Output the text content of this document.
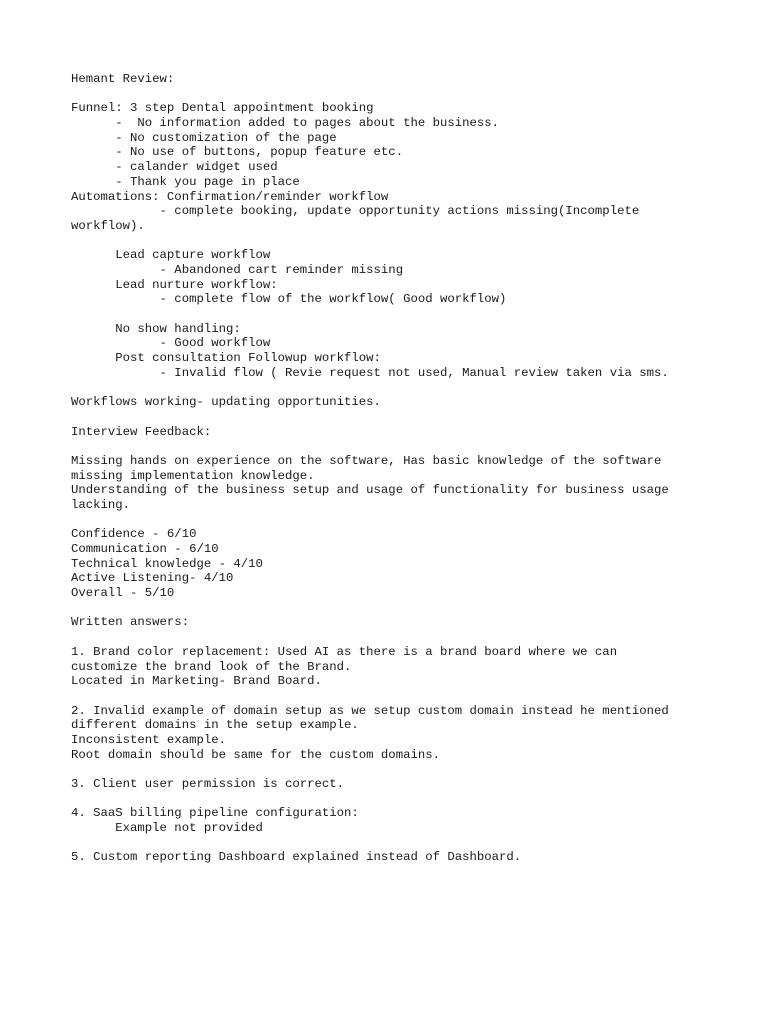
Hemant Review:
Funnel: 3 step Dental appointment booking
-  No information added to pages about the business.
- No customization of the page
- No use of buttons, popup feature etc.
- calander widget used
- Thank you page in place
Automations: Confirmation/reminder workflow
- complete booking, update opportunity actions missing(Incomplete
workflow).
Lead capture workflow
- Abandoned cart reminder missing
Lead nurture workflow:
- complete flow of the workflow( Good workflow)
No show handling:
- Good workflow
Post consultation Followup workflow:
- Invalid flow ( Revie request not used, Manual review taken via sms.
Workflows working- updating opportunities.
Interview Feedback:
Missing hands on experience on the software, Has basic knowledge of the software
missing implementation knowledge.
Understanding of the business setup and usage of functionality for business usage
lacking.
Confidence - 6/10
Communication - 6/10
Technical knowledge - 4/10
Active Listening- 4/10
Overall - 5/10
Written answers:
1. Brand color replacement: Used AI as there is a brand board where we can
customize the brand look of the Brand.
Located in Marketing- Brand Board.
2. Invalid example of domain setup as we setup custom domain instead he mentioned
different domains in the setup example.
Inconsistent example.
Root domain should be same for the custom domains.
3. Client user permission is correct.
4. SaaS billing pipeline configuration:
Example not provided
5. Custom reporting Dashboard explained instead of Dashboard.
